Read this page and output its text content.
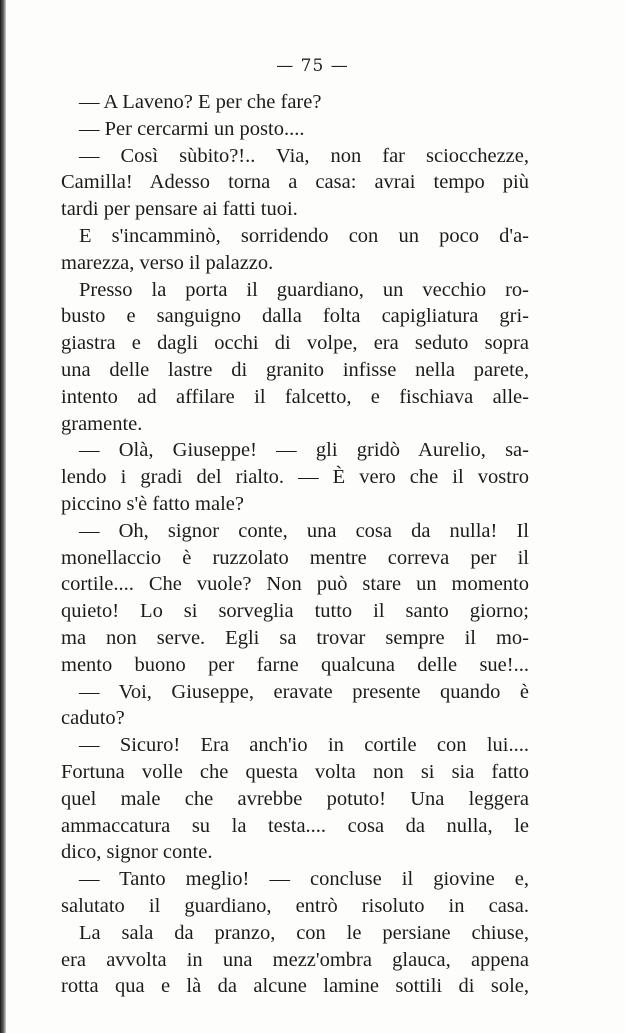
— 75 —
— A Laveno? E per che fare?
— Per cercarmi un posto....
— Così sùbito?!.. Via, non far sciocchezze,
Camilla! Adesso torna a casa: avrai tempo più
tardi per pensare ai fatti tuoi.
E s'incamminò, sorridendo con un poco d'a-
marezza, verso il palazzo.
Presso la porta il guardiano, un vecchio ro-
busto e sanguigno dalla folta capigliatura gri-
giastra e dagli occhi di volpe, era seduto sopra
una delle lastre di granito infisse nella parete,
intento ad affilare il falcetto, e fischiava alle-
gramente.
— Olà, Giuseppe! — gli gridò Aurelio, sa-
lendo i gradi del rialto. — È vero che il vostro
piccino s'è fatto male?
— Oh, signor conte, una cosa da nulla! Il
monellaccio è ruzzolato mentre correva per il
cortile.... Che vuole? Non può stare un momento
quieto! Lo si sorveglia tutto il santo giorno;
ma non serve. Egli sa trovar sempre il mo-
mento buono per farne qualcuna delle sue!...
— Voi, Giuseppe, eravate presente quando è
caduto?
— Sicuro! Era anch'io in cortile con lui....
Fortuna volle che questa volta non si sia fatto
quel male che avrebbe potuto! Una leggera
ammaccatura su la testa.... cosa da nulla, le
dico, signor conte.
— Tanto meglio! — concluse il giovine e,
salutato il guardiano, entrò risoluto in casa.
La sala da pranzo, con le persiane chiuse,
era avvolta in una mezz'ombra glauca, appena
rotta qua e là da alcune lamine sottili di sole,
